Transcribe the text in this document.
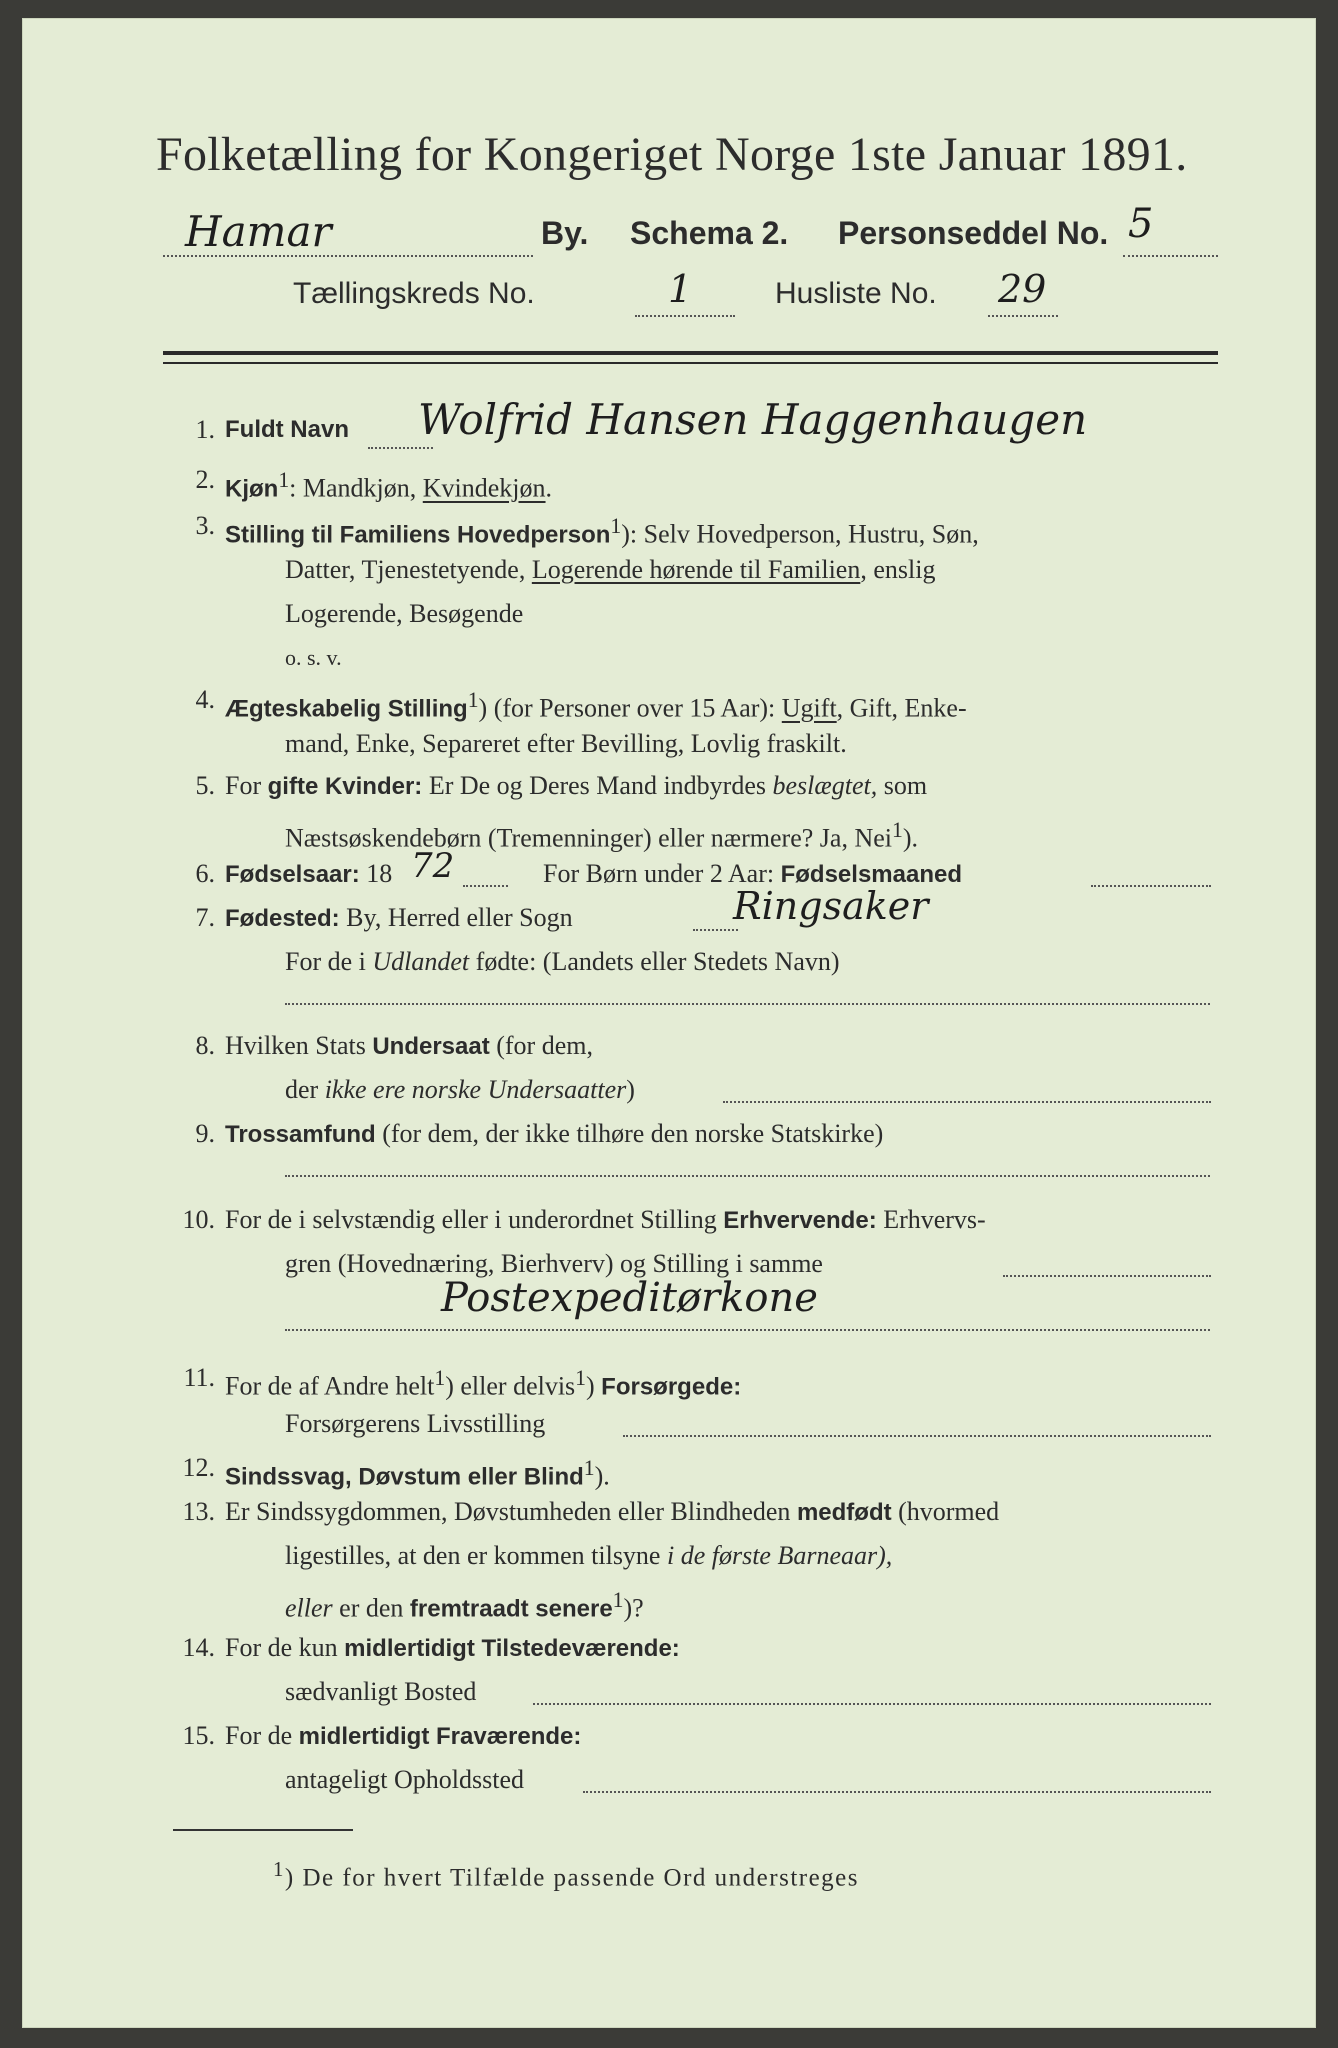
Folketælling for Kongeriget Norge 1ste Januar 1891.
Hamar	By. Schema 2. Personseddel No. 5
Tællingskreds No.	1	Husliste No. 29
1. Fuldt Navn Wolfrid Hansen Haggenhaugen
2. Kjøn$^1$: Mandkjøn, Kvindekjøn.
3. Stilling til Familiens Hovedperson$^1$): Selv Hovedperson, Hustru, Søn,
Datter, Tjenestetyende, Logerende hørende til Familien, enslig
Logerende, Besøgende
o. s. v.
4. Ægteskabelig Stilling$^1$) (for Personer over 15 Aar): Ugift, Gift, Enke-
mand, Enke, Separeret efter Bevilling, Lovlig fraskilt.
5. For gifte Kvinder: Er De og Deres Mand indbyrdes beslægtet, som
Næstsøskendebørn (Tremenninger) eller nærmere? Ja, Nei$^1$).
6. Fødselsaar: 18 72	For Børn under 2 Aar: Fødselsmaaned
7. Fødested: By, Herred eller Sogn	Ringsaker
For de i Udlandet fødte: (Landets eller Stedets Navn)
8. Hvilken Stats Undersaat (for dem,
der ikke ere norske Undersaatter)
9. Trossamfund (for dem, der ikke tilhøre den norske Statskirke)
10. For de i selvstændig eller i underordnet Stilling Erhvervende: Erhvervs-
gren (Hovednæring, Bierhverv) og Stilling i samme
Postexpeditørkone
11. For de af Andre helt$^1$) eller delvis$^1$) Forsørgede:
Forsørgerens Livsstilling
12. Sindssvag, Døvstum eller Blind$^1$).
13. Er Sindssygdommen, Døvstumheden eller Blindheden medfødt (hvormed
ligestilles, at den er kommen tilsyne i de første Barneaar),
eller er den fremtraadt senere$^1$)?
14. For de kun midlertidigt Tilstedeværende:
sædvanligt Bosted
15. For de midlertidigt Fraværende:
antageligt Opholdssted
$^1$) De for hvert Tilfælde passende Ord understreges
